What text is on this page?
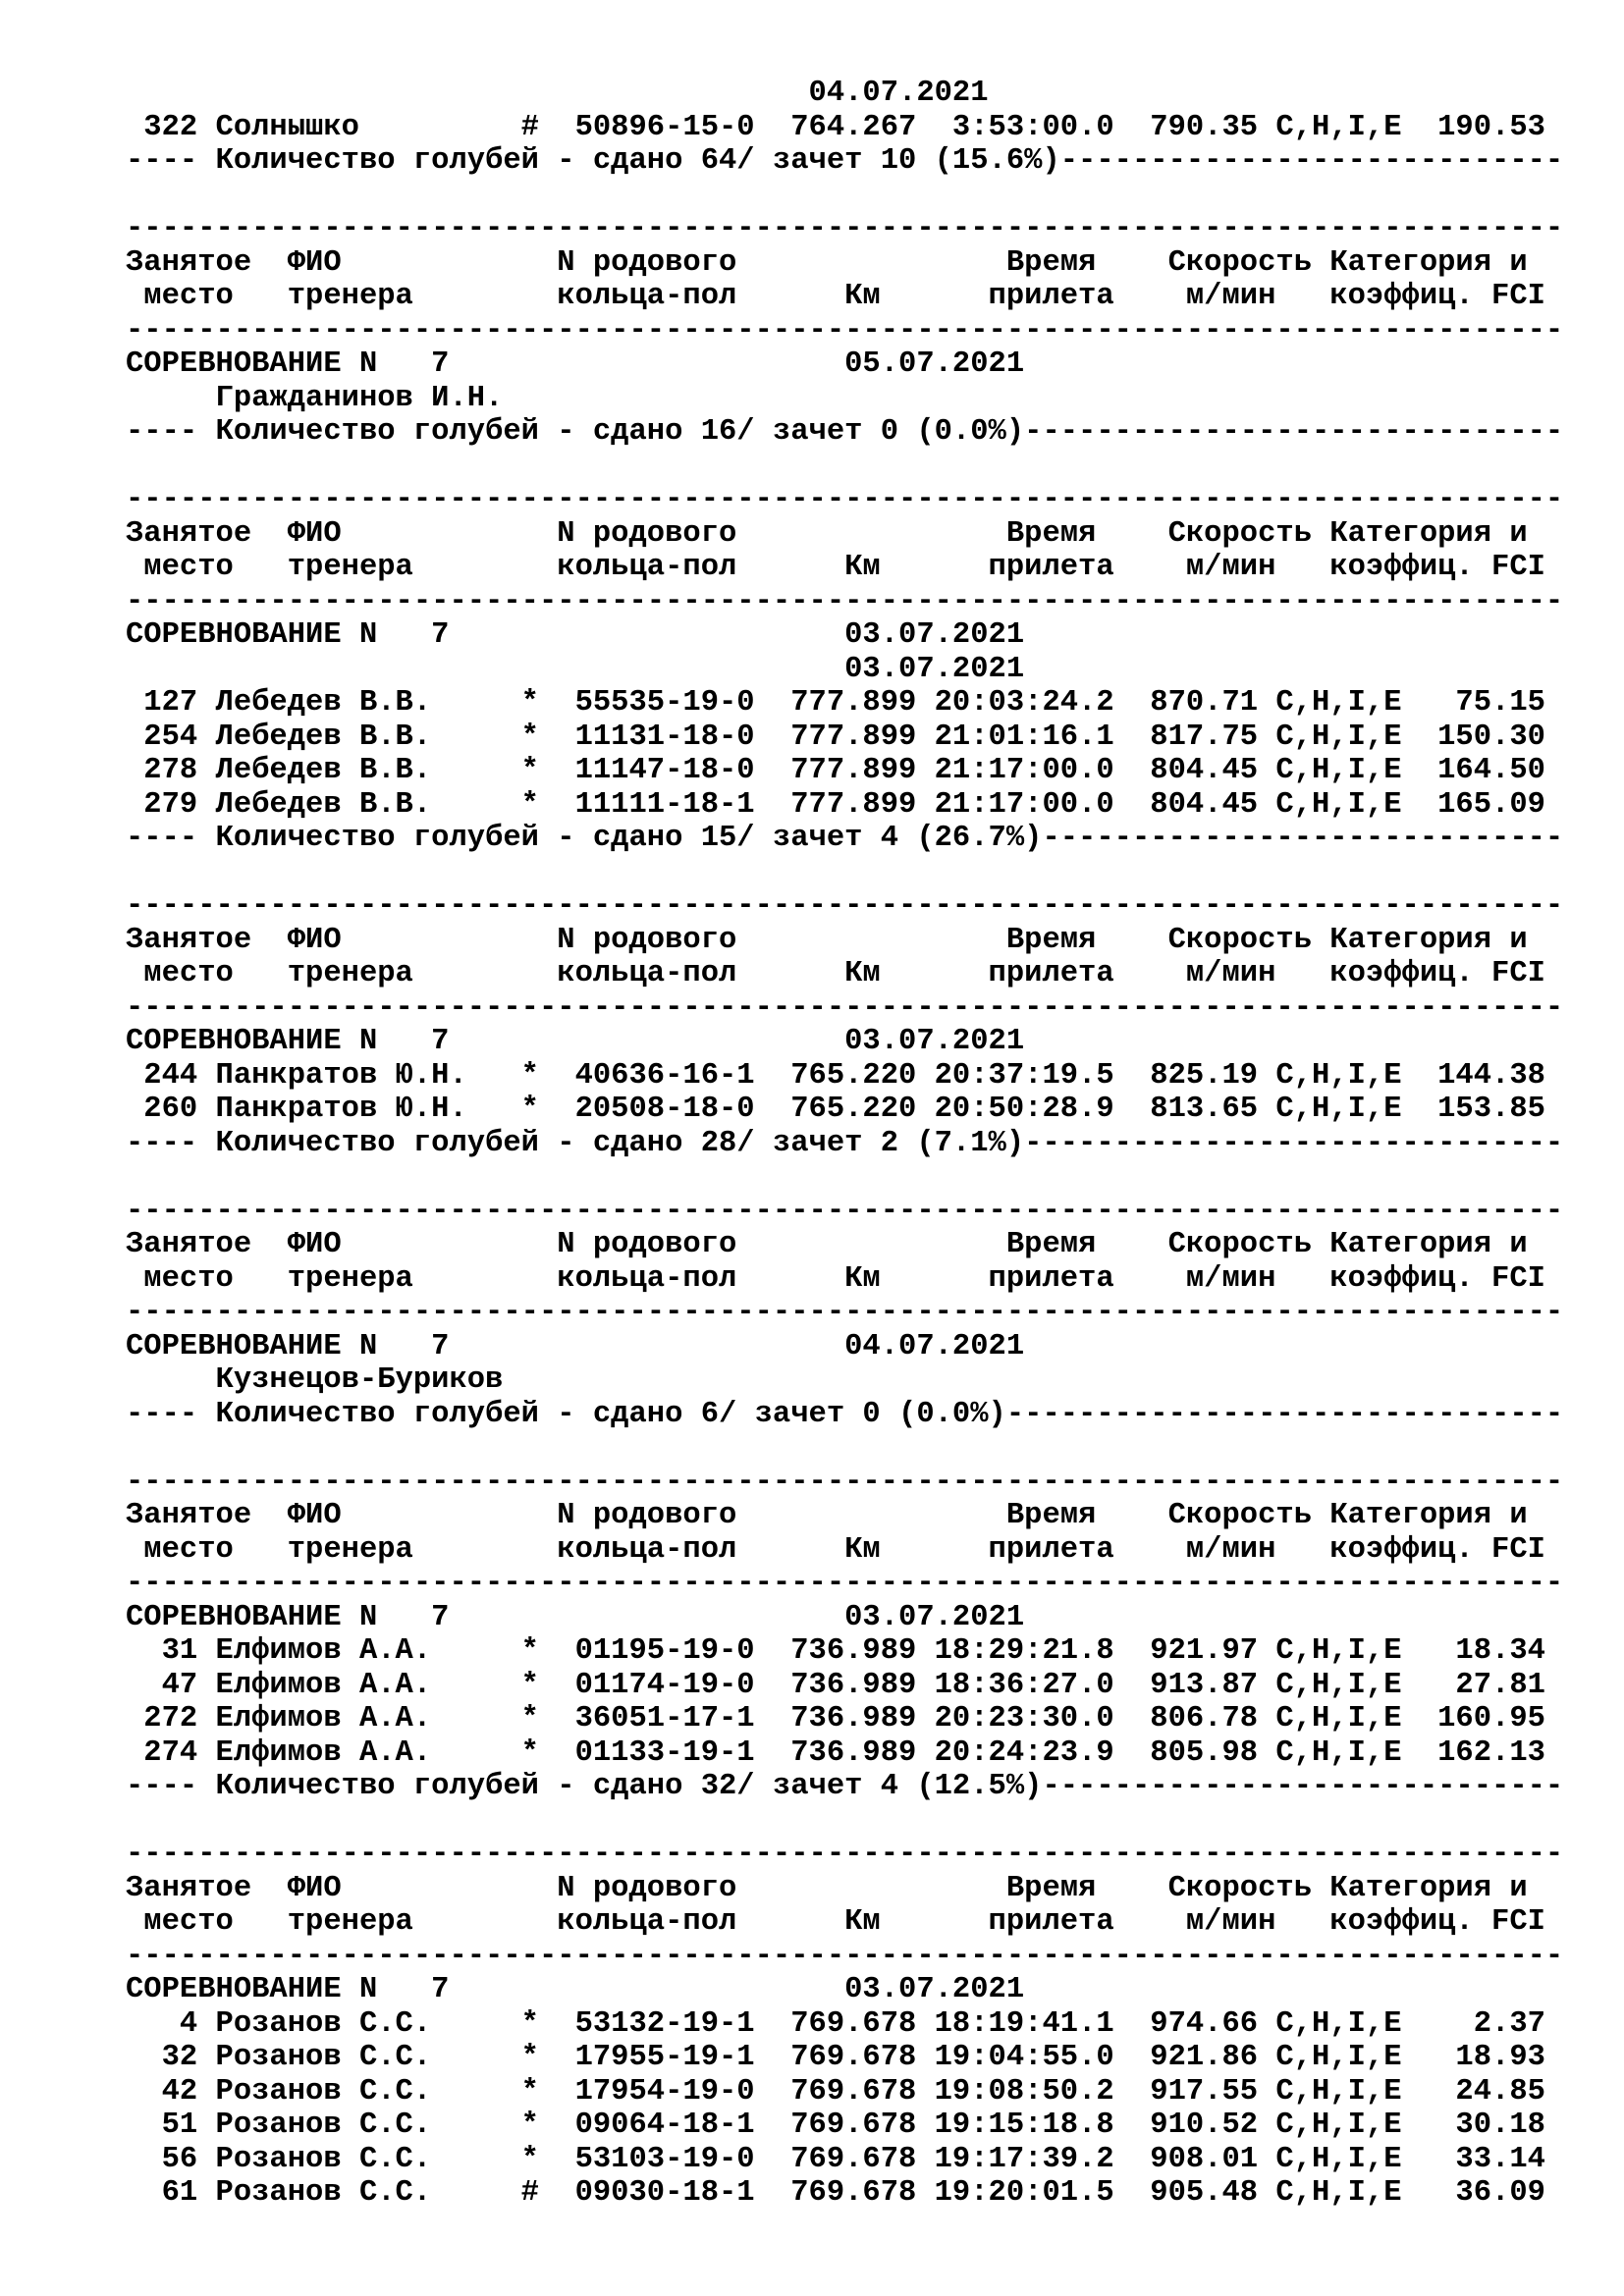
04.07.2021
322 Солнышко         #  50896-15-0  764.267  3:53:00.0  790.35 C,H,I,E  190.53
---- Количество голубей - сдано 64/ зачет 10 (15.6%)----------------------------
--------------------------------------------------------------------------------
Занятое  ФИО            N родового               Время    Скорость Категория и
место   тренера        кольца-пол      Км      прилета    м/мин   коэффиц. FCI
--------------------------------------------------------------------------------
СОРЕВНОВАНИЕ N   7                      05.07.2021
Гражданинов И.Н.
---- Количество голубей - сдано 16/ зачет 0 (0.0%)------------------------------
--------------------------------------------------------------------------------
Занятое  ФИО            N родового               Время    Скорость Категория и
место   тренера        кольца-пол      Км      прилета    м/мин   коэффиц. FCI
--------------------------------------------------------------------------------
СОРЕВНОВАНИЕ N   7                      03.07.2021
03.07.2021
127 Лебедев В.В.     *  55535-19-0  777.899 20:03:24.2  870.71 C,H,I,E   75.15
254 Лебедев В.В.     *  11131-18-0  777.899 21:01:16.1  817.75 C,H,I,E  150.30
278 Лебедев В.В.     *  11147-18-0  777.899 21:17:00.0  804.45 C,H,I,E  164.50
279 Лебедев В.В.     *  11111-18-1  777.899 21:17:00.0  804.45 C,H,I,E  165.09
---- Количество голубей - сдано 15/ зачет 4 (26.7%)-----------------------------
--------------------------------------------------------------------------------
Занятое  ФИО            N родового               Время    Скорость Категория и
место   тренера        кольца-пол      Км      прилета    м/мин   коэффиц. FCI
--------------------------------------------------------------------------------
СОРЕВНОВАНИЕ N   7                      03.07.2021
244 Панкратов Ю.Н.   *  40636-16-1  765.220 20:37:19.5  825.19 C,H,I,E  144.38
260 Панкратов Ю.Н.   *  20508-18-0  765.220 20:50:28.9  813.65 C,H,I,E  153.85
---- Количество голубей - сдано 28/ зачет 2 (7.1%)------------------------------
--------------------------------------------------------------------------------
Занятое  ФИО            N родового               Время    Скорость Категория и
место   тренера        кольца-пол      Км      прилета    м/мин   коэффиц. FCI
--------------------------------------------------------------------------------
СОРЕВНОВАНИЕ N   7                      04.07.2021
Кузнецов-Буриков
---- Количество голубей - сдано 6/ зачет 0 (0.0%)-------------------------------
--------------------------------------------------------------------------------
Занятое  ФИО            N родового               Время    Скорость Категория и
место   тренера        кольца-пол      Км      прилета    м/мин   коэффиц. FCI
--------------------------------------------------------------------------------
СОРЕВНОВАНИЕ N   7                      03.07.2021
31 Елфимов А.А.     *  01195-19-0  736.989 18:29:21.8  921.97 C,H,I,E   18.34
47 Елфимов А.А.     *  01174-19-0  736.989 18:36:27.0  913.87 C,H,I,E   27.81
272 Елфимов А.А.     *  36051-17-1  736.989 20:23:30.0  806.78 C,H,I,E  160.95
274 Елфимов А.А.     *  01133-19-1  736.989 20:24:23.9  805.98 C,H,I,E  162.13
---- Количество голубей - сдано 32/ зачет 4 (12.5%)-----------------------------
--------------------------------------------------------------------------------
Занятое  ФИО            N родового               Время    Скорость Категория и
место   тренера        кольца-пол      Км      прилета    м/мин   коэффиц. FCI
--------------------------------------------------------------------------------
СОРЕВНОВАНИЕ N   7                      03.07.2021
4 Розанов С.С.     *  53132-19-1  769.678 18:19:41.1  974.66 C,H,I,E    2.37
32 Розанов С.С.     *  17955-19-1  769.678 19:04:55.0  921.86 C,H,I,E   18.93
42 Розанов С.С.     *  17954-19-0  769.678 19:08:50.2  917.55 C,H,I,E   24.85
51 Розанов С.С.     *  09064-18-1  769.678 19:15:18.8  910.52 C,H,I,E   30.18
56 Розанов С.С.     *  53103-19-0  769.678 19:17:39.2  908.01 C,H,I,E   33.14
61 Розанов С.С.     #  09030-18-1  769.678 19:20:01.5  905.48 C,H,I,E   36.09
